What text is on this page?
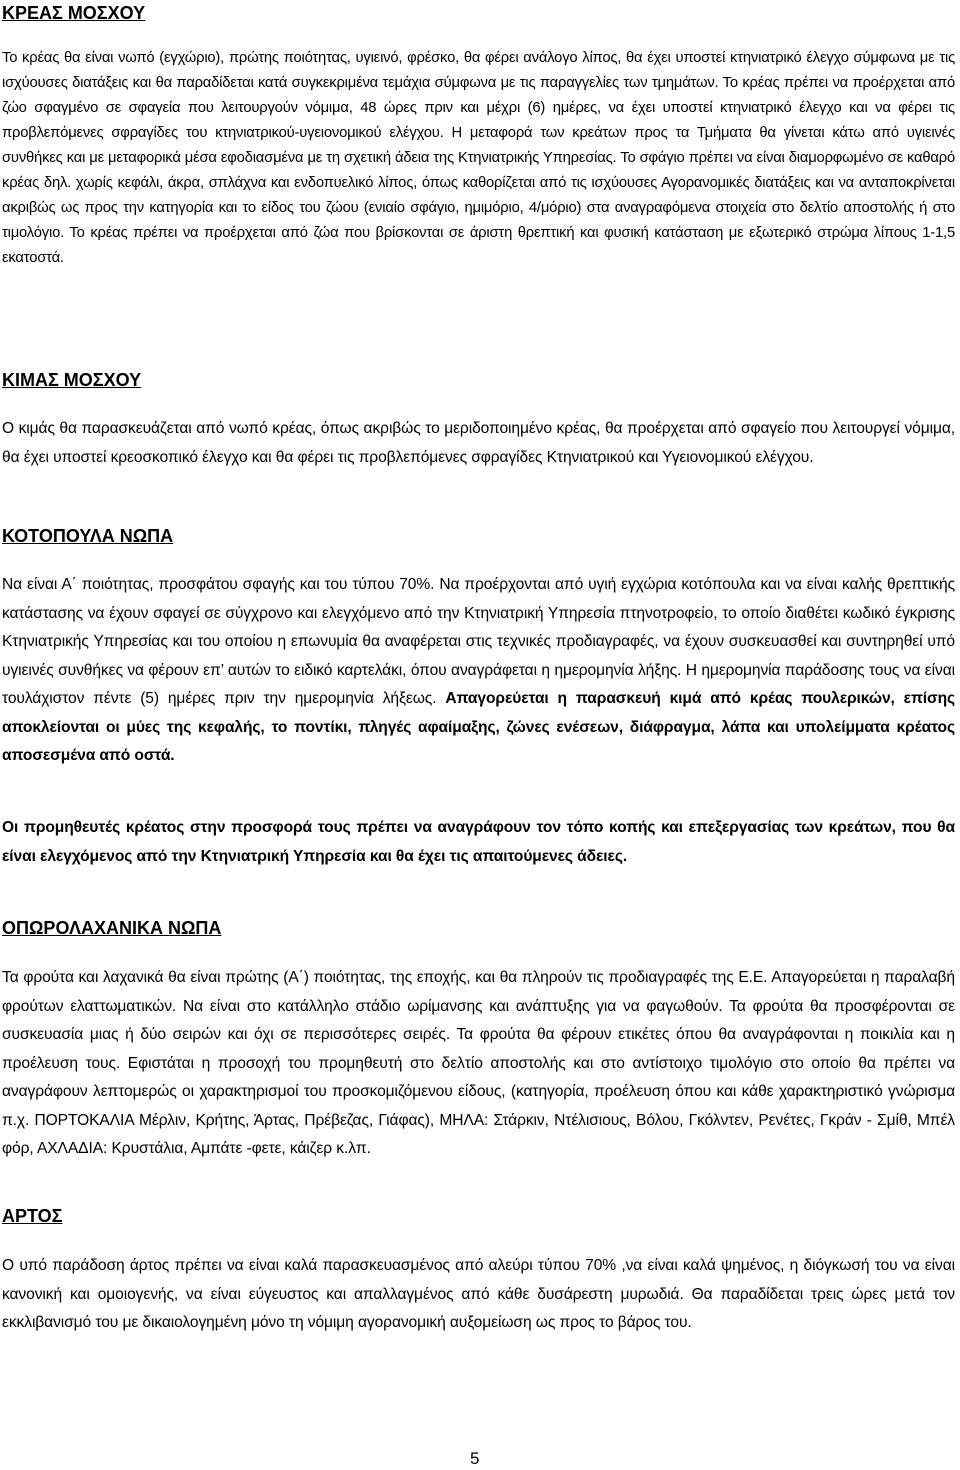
ΚΡΕΑΣ ΜΟΣΧΟΥ
Το κρέας θα είναι νωπό (εγχώριο), πρώτης ποιότητας, υγιεινό, φρέσκο, θα φέρει ανάλογο λίπος, θα έχει υποστεί κτηνιατρικό έλεγχο σύμφωνα με τις ισχύουσες διατάξεις και θα παραδίδεται κατά συγκεκριμένα τεμάχια σύμφωνα με τις παραγγελίες των τμημάτων. Το κρέας πρέπει να προέρχεται από ζώο σφαγμένο σε σφαγεία που λειτουργούν νόμιμα, 48 ώρες πριν και μέχρι (6) ημέρες, να έχει υποστεί κτηνιατρικό έλεγχο και να φέρει τις προβλεπόμενες σφραγίδες του κτηνιατρικού-υγειονομικού ελέγχου. Η μεταφορά των κρεάτων προς τα Τμήματα θα γίνεται κάτω από υγιεινές συνθήκες και με μεταφορικά μέσα εφοδιασμένα με τη σχετική άδεια της Κτηνιατρικής Υπηρεσίας. Το σφάγιο πρέπει να είναι διαμορφωμένο σε καθαρό κρέας δηλ. χωρίς κεφάλι, άκρα, σπλάχνα και ενδοπυελικό λίπος, όπως καθορίζεται από τις ισχύουσες Αγορανομικές διατάξεις και να ανταποκρίνεται ακριβώς ως προς την κατηγορία και το είδος του ζώου (ενιαίο σφάγιο, ημιμόριο, 4/μόριο) στα αναγραφόμενα στοιχεία στο δελτίο αποστολής ή στο τιμολόγιο. Το κρέας πρέπει να προέρχεται από ζώα που βρίσκονται σε άριστη θρεπτική και φυσική κατάσταση με εξωτερικό στρώμα λίπους 1-1,5 εκατοστά.
ΚΙΜΑΣ ΜΟΣΧΟΥ
Ο κιμάς θα παρασκευάζεται από νωπό κρέας, όπως ακριβώς το μεριδοποιημένο κρέας, θα προέρχεται από σφαγείο που λειτουργεί νόμιμα, θα έχει υποστεί κρεοσκοπικό έλεγχο και θα φέρει τις προβλεπόμενες σφραγίδες Κτηνιατρικού και Υγειονομικού ελέγχου.
ΚΟΤΟΠΟΥΛΑ ΝΩΠΑ
Να είναι Α΄ ποιότητας, προσφάτου σφαγής και του τύπου 70%. Να προέρχονται από υγιή εγχώρια κοτόπουλα και να είναι καλής θρεπτικής κατάστασης να έχουν σφαγεί σε σύγχρονο και ελεγχόμενο από την Κτηνιατρική Υπηρεσία πτηνοτροφείο, το οποίο διαθέτει κωδικό έγκρισης Κτηνιατρικής Υπηρεσίας και του οποίου η επωνυμία θα αναφέρεται στις τεχνικές προδιαγραφές, να έχουν συσκευασθεί και συντηρηθεί υπό υγιεινές συνθήκες να φέρουν επ’ αυτών το ειδικό καρτελάκι, όπου αναγράφεται η ημερομηνία λήξης. Η ημερομηνία παράδοσης τους να είναι τουλάχιστον πέντε (5) ημέρες πριν την ημερομηνία λήξεως. Απαγορεύεται η παρασκευή κιμά από κρέας πουλερικών, επίσης αποκλείονται οι μύες της κεφαλής, το ποντίκι, πληγές αφαίμαξης, ζώνες ενέσεων, διάφραγμα, λάπα και υπολείμματα κρέατος αποσεσμένα από οστά.
Οι προμηθευτές κρέατος στην προσφορά τους πρέπει να αναγράφουν τον τόπο κοπής και επεξεργασίας των κρεάτων, που θα είναι ελεγχόμενος από την Κτηνιατρική Υπηρεσία και θα έχει τις απαιτούμενες άδειες.
ΟΠΩΡΟΛΑΧΑΝΙΚΑ ΝΩΠΑ
Τα φρούτα και λαχανικά θα είναι πρώτης (Α΄) ποιότητας, της εποχής, και θα πληρούν τις προδιαγραφές της Ε.Ε. Απαγορεύεται η παραλαβή φρούτων ελαττωματικών. Να είναι στο κατάλληλο στάδιο ωρίμανσης και ανάπτυξης για να φαγωθούν. Τα φρούτα θα προσφέρονται σε συσκευασία μιας ή δύο σειρών και όχι σε περισσότερες σειρές. Τα φρούτα θα φέρουν ετικέτες όπου θα αναγράφονται η ποικιλία και η προέλευση τους. Εφιστάται η προσοχή του προμηθευτή στο δελτίο αποστολής και στο αντίστοιχο τιμολόγιο στο οποίο θα πρέπει να αναγράφουν λεπτομερώς οι χαρακτηρισμοί του προσκομιζόμενου είδους, (κατηγορία, προέλευση όπου και κάθε χαρακτηριστικό γνώρισμα π.χ. ΠΟΡΤΟΚΑΛΙΑ Μέρλιν, Κρήτης, Άρτας, Πρέβεζας, Γιάφας), ΜΗΛΑ: Στάρκιν, Ντέλισιους, Βόλου, Γκόλντεν, Ρενέτες, Γκράν - Σμίθ, Μπέλ φόρ, ΑΧΛΑΔΙΑ: Κρυστάλια, Αμπάτε -φετε, κάιζερ κ.λπ.
ΑΡΤΟΣ
Ο υπό παράδοση άρτος πρέπει να είναι καλά παρασκευασμένος από αλεύρι τύπου 70% ,να είναι καλά ψημένος, η διόγκωσή του να είναι κανονική και ομοιογενής, να είναι εύγευστος και απαλλαγμένος από κάθε δυσάρεστη μυρωδιά. Θα παραδίδεται τρεις ώρες μετά τον εκκλιβανισμό του με δικαιολογημένη μόνο τη νόμιμη αγορανομική αυξομείωση ως προς το βάρος του.
5
